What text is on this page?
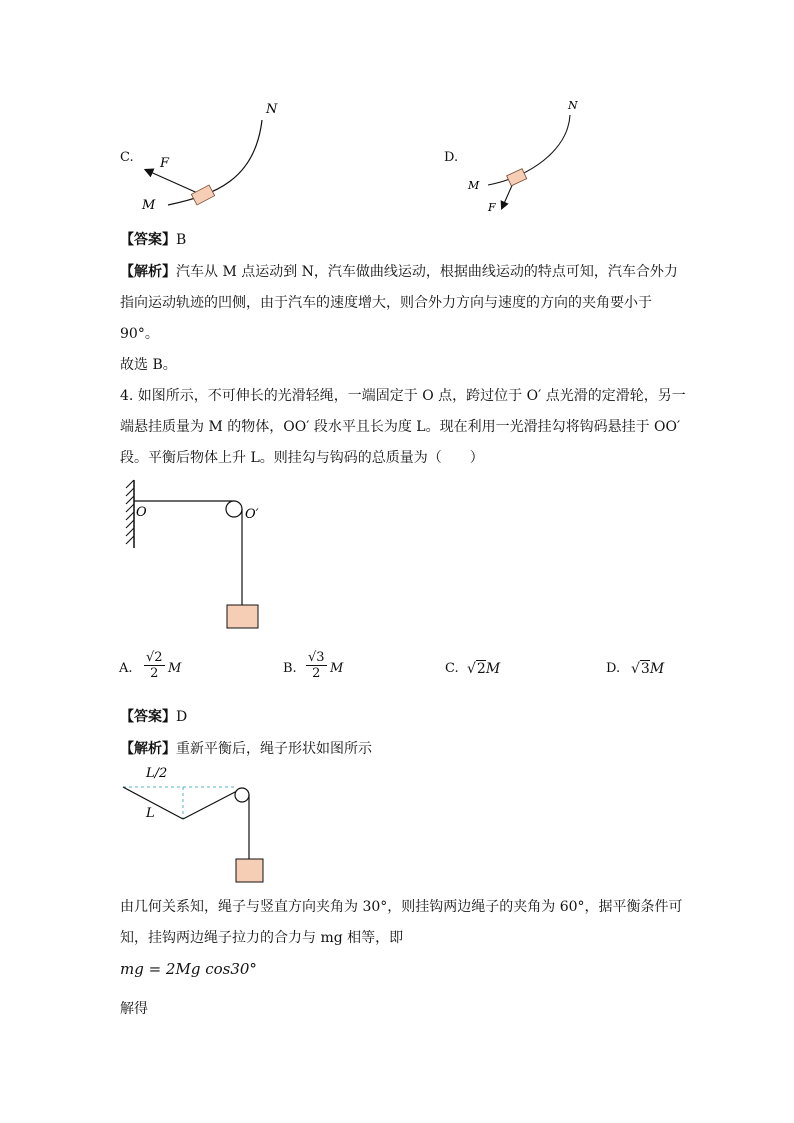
C.
N
F
M
D.
N
M
F
【答案】B
【解析】汽车从 M 点运动到 N，汽车做曲线运动，根据曲线运动的特点可知，汽车合外力
指向运动轨迹的凹侧，由于汽车的速度增大，则合外力方向与速度的方向的夹角要小于
90°。
故选 B。
4. 如图所示，不可伸长的光滑轻绳，一端固定于 O 点，跨过位于 O′ 点光滑的定滑轮，另一
端悬挂质量为 M 的物体，OO′ 段水平且长为度 L。现在利用一光滑挂勾将钩码悬挂于 OO′
段。平衡后物体上升 L。则挂勾与钩码的总质量为（　　）
O	O′
A.
√2
2 M	B.
√3
2 M	C. √2M	D. √3M
【答案】D
【解析】重新平衡后，绳子形状如图所示
L/2
L
由几何关系知，绳子与竖直方向夹角为 30°，则挂钩两边绳子的夹角为 60°，据平衡条件可
知，挂钩两边绳子拉力的合力与 mg 相等，即
mg = 2Mg cos30°
解得
